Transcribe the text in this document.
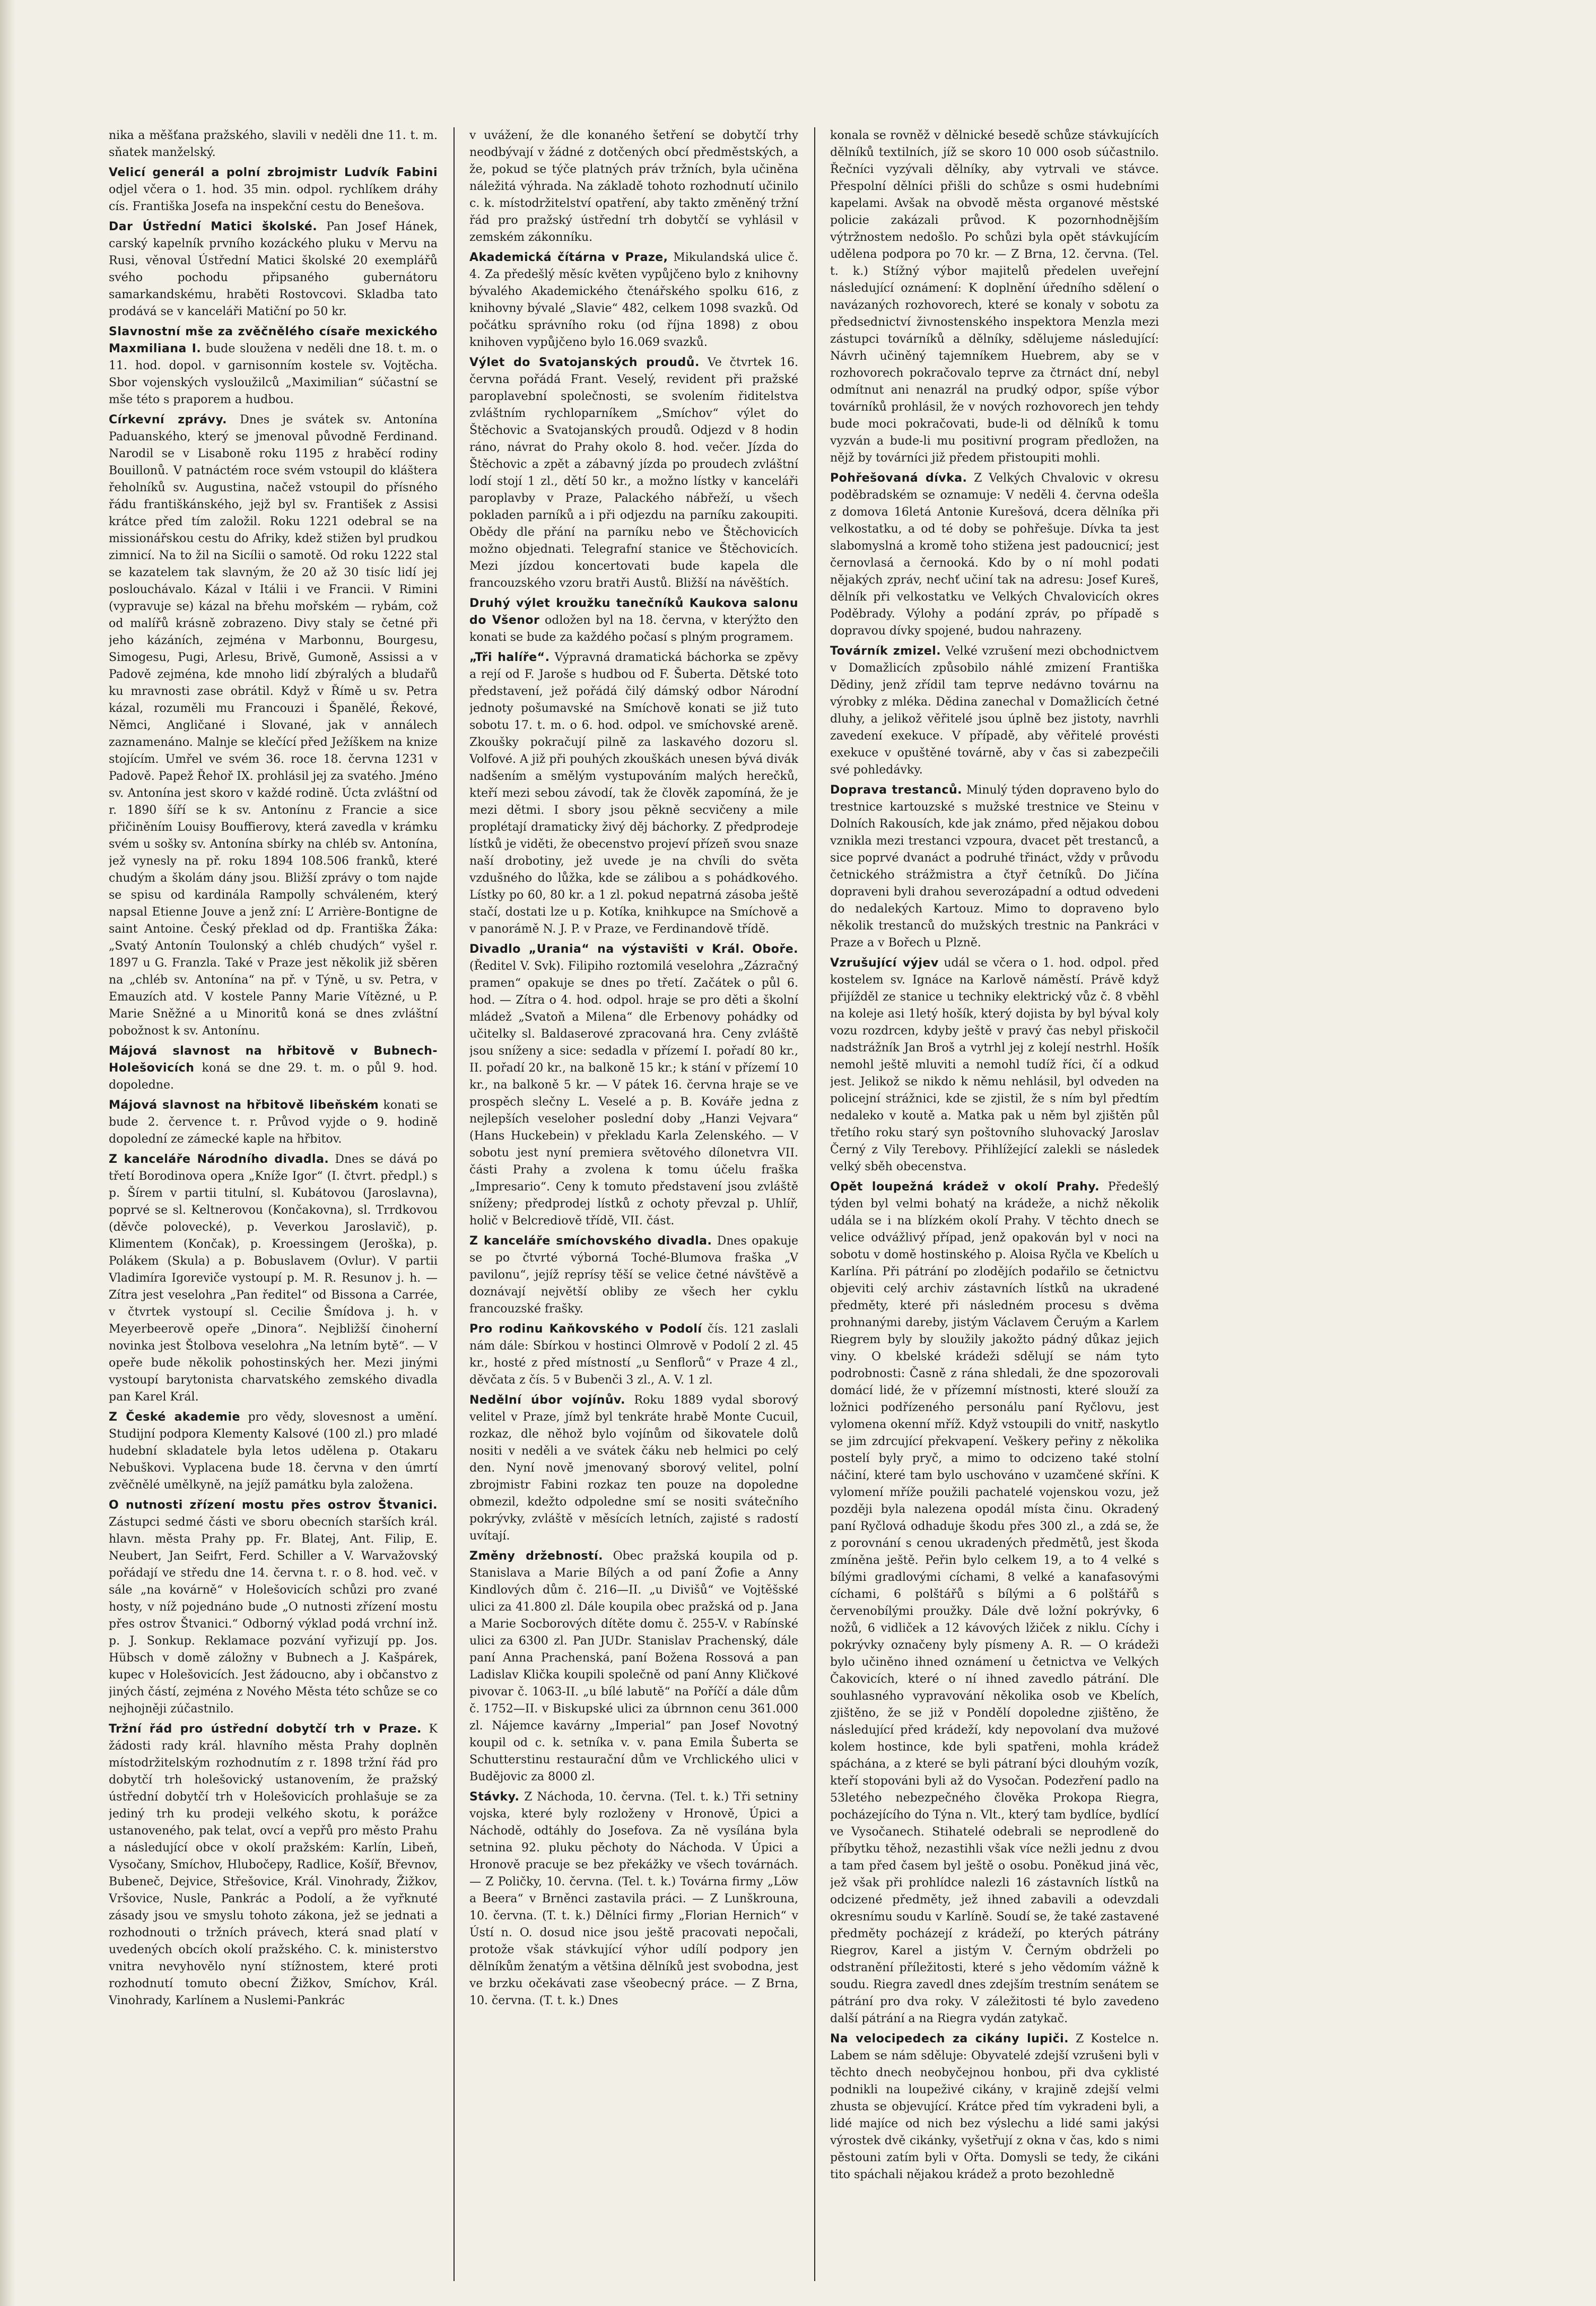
nika a měšťana pražského, slavili v neděli dne 11. t. m. sňatek manželský.

Velicí generál a polní zbrojmistr Ludvík Fabini odjel včera o 1. hod. 35 min. odpol. rychlíkem dráhy cís. Františka Josefa na inspekční cestu do Benešova.

Dar Ústřední Matici školské. Pan Josef Hánek, carský kapelník prvního kozáckého pluku v Mervu na Rusi, věnoval Ústřední Matici školské 20 exemplářů svého pochodu připsaného gubernátoru samarkandskému, hraběti Rostovcovi. Skladba tato prodává se v kanceláři Matiční po 50 kr.

Slavnostní mše za zvěčnělého císaře mexického Maxmiliana I. bude sloužena v neděli dne 18. t. m. o 11. hod. dopol. v garnisonním kostele sv. Vojtěcha. Sbor vojenských vysloužilců „Maximilian“ súčastní se mše této s praporem a hudbou.

Církevní zprávy. Dnes je svátek sv. Antonína Paduanského, který se jmenoval původně Ferdinand. Narodil se v Lisaboně roku 1195 z hraběcí rodiny Bouillonů. V patnáctém roce svém vstoupil do kláštera řeholníků sv. Augustina, načež vstoupil do přísného řádu františkánského, jejž byl sv. František z Assisi krátce před tím založil. Roku 1221 odebral se na missionářskou cestu do Afriky, kdež stižen byl prudkou zimnicí. Na to žil na Sicílii o samotě. Od roku 1222 stal se kazatelem tak slavným, že 20 až 30 tisíc lidí jej poslouchávalo. Kázal v Itálii i ve Francii. V Rimini (vypravuje se) kázal na břehu mořském — rybám, což od malířů krásně zobrazeno. Divy staly se četné při jeho kázáních, zejména v Marbonnu, Bourgesu, Simogesu, Pugi, Arlesu, Brivě, Gumoně, Assissi a v Padově zejména, kde mnoho lidí zbýralých a bludařů ku mravnosti zase obrátil. Když v Římě u sv. Petra kázal, rozuměli mu Francouzi i Španělé, Řekové, Němci, Angličané i Slované, jak v annálech zaznamenáno. Malnje se klečící před Ježíškem na knize stojícím. Umřel ve svém 36. roce 18. června 1231 v Padově. Papež Řehoř IX. prohlásil jej za svatého. Jméno sv. Antonína jest skoro v každé rodině. Úcta zvláštní od r. 1890 šíří se k sv. Antonínu z Francie a sice přičiněním Louisy Bouffierovy, která zavedla v krámku svém u sošky sv. Antonína sbírky na chléb sv. Antonína, jež vynesly na př. roku 1894 108.506 franků, které chudým a školám dány jsou. Bližší zprávy o tom najde se spisu od kardinála Rampolly schváleném, který napsal Etienne Jouve a jenž zní: L’ Arrière-Bontigne de saint Antoine. Český překlad od dp. Františka Žáka: „Svatý Antonín Toulonský a chléb chudých“ vyšel r. 1897 u G. Franzla. Také v Praze jest několik již sběren na „chléb sv. Antonína“ na př. v Týně, u sv. Petra, v Emauzích atd. V kostele Panny Marie Vítězné, u P. Marie Sněžné a u Minoritů koná se dnes zvláštní pobožnost k sv. Antonínu.

Májová slavnost na hřbitově v Bubnech-Holešovicích koná se dne 29. t. m. o půl 9. hod. dopoledne.

Májová slavnost na hřbitově libeňském konati se bude 2. července t. r. Průvod vyjde o 9. hodině dopolední ze zámecké kaple na hřbitov.

Z kanceláře Národního divadla. Dnes se dává po třetí Borodinova opera „Kníže Igor“ (I. čtvrt. předpl.) s p. Šírem v partii titulní, sl. Kubátovou (Jaroslavna), poprvé se sl. Keltnerovou (Končakovna), sl. Trrdkovou (děvče polovecké), p. Veverkou Jaroslavič), p. Klimentem (Končak), p. Kroessingem (Jeroška), p. Polákem (Skula) a p. Bobuslavem (Ovlur). V partii Vladimíra Igoreviče vystoupí p. M. R. Resunov j. h. — Zítra jest veselohra „Pan ředitel“ od Bissona a Carrée, v čtvrtek vystoupí sl. Cecilie Šmídova j. h. v Meyerbeerově opeře „Dinora“. Nejbližší činoherní novinka jest Štolbova veselohra „Na letním bytě“. — V opeře bude několik pohostinských her. Mezi jinými vystoupí barytonista charvatského zemského divadla pan Karel Král.

Z České akademie pro vědy, slovesnost a umění. Studijní podpora Klementy Kalsové (100 zl.) pro mladé hudební skladatele byla letos udělena p. Otakaru Nebuškovi. Vyplacena bude 18. června v den úmrtí zvěčnělé umělkyně, na jejíž památku byla založena.

O nutnosti zřízení mostu přes ostrov Štvanici. Zástupci sedmé části ve sboru obecních starších král. hlavn. města Prahy pp. Fr. Blatej, Ant. Filip, E. Neubert, Jan Seifrt, Ferd. Schiller a V. Warvažovský pořádají ve středu dne 14. června t. r. o 8. hod. več. v sále „na kovárně“ v Holešovicích schůzi pro zvané hosty, v níž pojednáno bude „O nutnosti zřízení mostu přes ostrov Štvanici.“ Odborný výklad podá vrchní inž. p. J. Sonkup. Reklamace pozvání vyřizují pp. Jos. Hübsch v domě záložny v Bubnech a J. Kašpárek, kupec v Holešovicích. Jest žádoucno, aby i občanstvo z jiných částí, zejména z Nového Města této schůze se co nejhojněji zúčastnilo.

Tržní řád pro ústřední dobytčí trh v Praze. K žádosti rady král. hlavního města Prahy doplněn místodržitelským rozhodnutím z r. 1898 tržní řád pro dobytčí trh holešovický ustanovením, že pražský ústřední dobytčí trh v Holešovicích prohlašuje se za jediný trh ku prodeji velkého skotu, k porážce ustanoveného, pak telat, ovcí a vepřů pro město Prahu a následující obce v okolí pražském: Karlín, Libeň, Vysočany, Smíchov, Hlubočepy, Radlice, Košíř, Břevnov, Bubeneč, Dejvice, Střešovice, Král. Vinohrady, Žižkov, Vršovice, Nusle, Pankrác a Podolí, a že vyřknuté zásady jsou ve smyslu tohoto zákona, jež se jednati a rozhodnouti o tržních právech, která snad platí v uvedených obcích okolí pražského. C. k. ministerstvo vnitra nevyhovělo nyní stížnostem, které proti rozhodnutí tomuto obecní Žižkov, Smíchov, Král. Vinohrady, Karlínem a Nuslemi-Pankrác

v uvážení, že dle konaného šetření se dobytčí trhy neodbývají v žádné z dotčených obcí předměstských, a že, pokud se týče platných práv tržních, byla učiněna náležitá výhrada. Na základě tohoto rozhodnutí učinilo c. k. místodržitelství opatření, aby takto změněný tržní řád pro pražský ústřední trh dobytčí se vyhlásil v zemském zákonníku.

Akademická čítárna v Praze, Mikulandská ulice č. 4. Za předešlý měsíc květen vypůjčeno bylo z knihovny bývalého Akademického čtenářského spolku 616, z knihovny bývalé „Slavie“ 482, celkem 1098 svazků. Od počátku správního roku (od října 1898) z obou knihoven vypůjčeno bylo 16.069 svazků.

Výlet do Svatojanských proudů. Ve čtvrtek 16. června pořádá Frant. Veselý, revident při pražské paroplavební společnosti, se svolením řiditelstva zvláštním rychloparníkem „Smíchov“ výlet do Štěchovic a Svatojanských proudů. Odjezd v 8 hodin ráno, návrat do Prahy okolo 8. hod. večer. Jízda do Štěchovic a zpět a zábavný jízda po proudech zvláštní lodí stojí 1 zl., dětí 50 kr., a možno lístky v kanceláři paroplavby v Praze, Palackého nábřeží, u všech pokladen parníků a i při odjezdu na parníku zakoupiti. Obědy dle přání na parníku nebo ve Štěchovicích možno objednati. Telegrafní stanice ve Štěchovicích. Mezi jízdou koncertovati bude kapela dle francouzského vzoru bratři Austů. Bližší na návěštích.

Druhý výlet kroužku tanečníků Kaukova salonu do Všenor odložen byl na 18. června, v kterýžto den konati se bude za každého počasí s plným programem.

„Tři halíře“. Výpravná dramatická báchorka se zpěvy a rejí od F. Jaroše s hudbou od F. Šuberta. Dětské toto představení, jež pořádá čilý dámský odbor Národní jednoty pošumavské na Smíchově konati se již tuto sobotu 17. t. m. o 6. hod. odpol. ve smíchovské areně. Zkoušky pokračují pilně za laskavého dozoru sl. Volfové. A již při pouhých zkouškách unesen bývá divák nadšením a smělým vystupováním malých herečků, kteří mezi sebou závodí, tak že člověk zapomíná, že je mezi dětmi. I sbory jsou pěkně secvičeny a mile proplétají dramaticky živý děj báchorky. Z předprodeje lístků je viděti, že obecenstvo projeví přízeň svou snaze naší drobotiny, jež uvede je na chvíli do světa vzdušného do lůžka, kde se zálibou a s pohádkového. Lístky po 60, 80 kr. a 1 zl. pokud nepatrná zásoba ještě stačí, dostati lze u p. Kotíka, knihkupce na Smíchově a v panorámě N. J. P. v Praze, ve Ferdinandově třídě.

Divadlo „Urania“ na výstavišti v Král. Oboře. (Ředitel V. Svk). Filipiho roztomilá veselohra „Zázračný pramen“ opakuje se dnes po třetí. Začátek o půl 6. hod. — Zítra o 4. hod. odpol. hraje se pro děti a školní mládež „Svatoň a Milena“ dle Erbenovy pohádky od učitelky sl. Baldaserové zpracovaná hra. Ceny zvláště jsou sníženy a sice: sedadla v přízemí I. pořadí 80 kr., II. pořadí 20 kr., na balkoně 15 kr.; k stání v přízemí 10 kr., na balkoně 5 kr. — V pátek 16. června hraje se ve prospěch slečny L. Veselé a p. B. Kováře jedna z nejlepších veseloher poslední doby „Hanzi Vejvara“ (Hans Huckebein) v překladu Karla Zelenského. — V sobotu jest nyní premiera světového dílonetvra VII. části Prahy a zvolena k tomu účelu fraška „Impresario“. Ceny k tomuto představení jsou zvláště sníženy; předprodej lístků z ochoty převzal p. Uhlíř, holič v Belcrediově třídě, VII. část.

Z kanceláře smíchovského divadla. Dnes opakuje se po čtvrté výborná Toché-Blumova fraška „V pavilonu“, jejíž reprísy těší se velice četné návštěvě a doznávají největší obliby ze všech her cyklu francouzské frašky.

Pro rodinu Kaňkovského v Podolí čís. 121 zaslali nám dále: Sbírkou v hostinci Olmrově v Podolí 2 zl. 45 kr., hosté z před místností „u Senflorů“ v Praze 4 zl., děvčata z čís. 5 v Bubenči 3 zl., A. V. 1 zl.

Nedělní úbor vojínův. Roku 1889 vydal sborový velitel v Praze, jímž byl tenkráte hrabě Monte Cucuil, rozkaz, dle něhož bylo vojínům od šikovatele dolů nositi v neděli a ve svátek čáku neb helmici po celý den. Nyní nově jmenovaný sborový velitel, polní zbrojmistr Fabini rozkaz ten pouze na dopoledne obmezil, kdežto odpoledne smí se nositi svátečního pokrývky, zvláště v měsících letních, zajisté s radostí uvítají.

Změny držebností. Obec pražská koupila od p. Stanislava a Marie Bílých a od paní Žofie a Anny Kindlových dům č. 216—II. „u Divišů“ ve Vojtěšské ulici za 41.800 zl. Dále koupila obec pražská od p. Jana a Marie Socborových dítěte domu č. 255-V. v Rabínské ulici za 6300 zl. Pan JUDr. Stanislav Prachenský, dále paní Anna Prachenská, paní Božena Rossová a pan Ladislav Klička koupili společně od paní Anny Kličkové pivovar č. 1063-II. „u bílé labutě“ na Poříčí a dále dům č. 1752—II. v Biskupské ulici za úbrnnon cenu 361.000 zl. Nájemce kavárny „Imperial“ pan Josef Novotný koupil od c. k. setníka v. v. pana Emila Šuberta se Schutterstinu restaurační dům ve Vrchlického ulici v Budějovic za 8000 zl.

Stávky. Z Náchoda, 10. června. (Tel. t. k.) Tři setniny vojska, které byly rozloženy v Hronově, Úpici a Náchodě, odtáhly do Josefova. Za ně vysílána byla setnina 92. pluku pěchoty do Náchoda. V Úpici a Hronově pracuje se bez překážky ve všech továrnách. — Z Poličky, 10. června. (Tel. t. k.) Továrna firmy „Löw a Beera“ v Brněnci zastavila práci. — Z Lunškrouna, 10. června. (T. t. k.) Dělníci firmy „Florian Hernich“ v Ústí n. O. dosud nice jsou ještě pracovati nepočali, protože však stávkující výhor udílí podpory jen dělníkům ženatým a většina dělníků jest svobodna, jest ve brzku očekávati zase všeobecný práce. — Z Brna, 10. června. (T. t. k.) Dnes

konala se rovněž v dělnické besedě schůze stávkujících dělníků textilních, jíž se skoro 10 000 osob súčastnilo. Řečníci vyzývali dělníky, aby vytrvali ve stávce. Přespolní dělníci přišli do schůze s osmi hudebními kapelami. Avšak na obvodě města organové městské policie zakázali průvod. K pozornhodnějším výtržnostem nedošlo. Po schůzi byla opět stávkujícím udělena podpora po 70 kr. — Z Brna, 12. června. (Tel. t. k.) Stížný výbor majitelů předelen uveřejní následující oznámení: K doplnění úředního sdělení o navázaných rozhovorech, které se konaly v sobotu za předsednictví živnostenského inspektora Menzla mezi zástupci továrníků a dělníky, sdělujeme následující: Návrh učiněný tajemníkem Huebrem, aby se v rozhovorech pokračovalo teprve za čtrnáct dní, nebyl odmítnut ani nenazrál na prudký odpor, spíše výbor továrníků prohlásil, že v nových rozhovorech jen tehdy bude moci pokračovati, bude-li od dělníků k tomu vyzván a bude-li mu positivní program předložen, na nějž by továrníci již předem přistoupiti mohli.

Pohřešovaná dívka. Z Velkých Chvalovic v okresu poděbradském se oznamuje: V neděli 4. června odešla z domova 16letá Antonie Kurešová, dcera dělníka při velkostatku, a od té doby se pohřešuje. Dívka ta jest slabomyslná a kromě toho stižena jest padoucnicí; jest černovlasá a černooká. Kdo by o ní mohl podati nějakých zpráv, nechť učiní tak na adresu: Josef Kureš, dělník při velkostatku ve Velkých Chvalovicích okres Poděbrady. Výlohy a podání zpráv, po případě s dopravou dívky spojené, budou nahrazeny.

Továrník zmizel. Velké vzrušení mezi obchodnictvem v Domažlicích způsobilo náhlé zmizení Františka Dědiny, jenž zřídil tam teprve nedávno továrnu na výrobky z mléka. Dědina zanechal v Domažlicích četné dluhy, a jelikož věřitelé jsou úplně bez jistoty, navrhli zavedení exekuce. V případě, aby věřitelé provésti exekuce v opuštěné továrně, aby v čas si zabezpečili své pohledávky.

Doprava trestanců. Minulý týden dopraveno bylo do trestnice kartouzské s mužské trestnice ve Steinu v Dolních Rakousích, kde jak známo, před nějakou dobou vznikla mezi trestanci vzpoura, dvacet pět trestanců, a sice poprvé dvanáct a podruhé třináct, vždy v průvodu četnického strážmistra a čtyř četníků. Do Jičína dopraveni byli drahou severozápadní a odtud odvedeni do nedalekých Kartouz. Mimo to dopraveno bylo několik trestanců do mužských trestnic na Pankráci v Praze a v Bořech u Plzně.

Vzrušující výjev udál se včera o 1. hod. odpol. před kostelem sv. Ignáce na Karlově náměstí. Právě když přijížděl ze stanice u techniky elektrický vůz č. 8 vběhl na koleje asi 1letý hošík, který dojista by byl býval koly vozu rozdrcen, kdyby ještě v pravý čas nebyl přiskočil nadstrážník Jan Broš a vytrhl jej z kolejí nestrhl. Hošík nemohl ještě mluviti a nemohl tudíž říci, čí a odkud jest. Jelikož se nikdo k němu nehlásil, byl odveden na policejní strážnici, kde se zjistil, že s ním byl předtím nedaleko v koutě a. Matka pak u něm byl zjištěn půl třetího roku starý syn poštovního sluhovacký Jaroslav Černý z Vily Terebovy. Přihlížející zalekli se následek velký sběh obecenstva.

Opět loupežná krádež v okolí Prahy. Předešlý týden byl velmi bohatý na krádeže, a nichž několik udála se i na blízkém okolí Prahy. V těchto dnech se velice odvážlivý případ, jenž opakován byl v noci na sobotu v domě hostinského p. Aloisa Ryčla ve Kbelích u Karlína. Při pátrání po zlodějích podařilo se četnictvu objeviti celý archiv zástavních lístků na ukradené předměty, které při následném procesu s dvěma prohnanými dareby, jistým Václavem Čeruým a Karlem Riegrem byly by sloužily jakožto pádný důkaz jejich viny. O kbelské krádeži sdělují se nám tyto podrobnosti: Časně z rána shledali, že dne spozorovali domácí lidé, že v přízemní místnosti, které slouží za ložnici podřízeného personálu paní Ryčlovu, jest vylomena okenní mříž. Když vstoupili do vnitř, naskytlo se jim zdrcující překvapení. Veškery peřiny z několika postelí byly pryč, a mimo to odcizeno také stolní náčiní, které tam bylo uschováno v uzamčené skříni. K vylomení mříže použili pachatelé vojenskou vozu, jež později byla nalezena opodál místa činu. Okradený paní Ryčlová odhaduje škodu přes 300 zl., a zdá se, že z porovnání s cenou ukradených předmětů, jest škoda zmíněna ještě. Peřin bylo celkem 19, a to 4 velké s bílými gradlovými cíchami, 8 velké a kanafasovými cíchami, 6 polštářů s bílými a 6 polštářů s červenobílými proužky. Dále dvě ložní pokrývky, 6 nožů, 6 vidliček a 12 kávových lžiček z niklu. Cíchy i pokrývky označeny byly písmeny A. R. — O krádeži bylo učiněno ihned oznámení u četnictva ve Velkých Čakovicích, které o ní ihned zavedlo pátrání. Dle souhlasného vypravování několika osob ve Kbelích, zjištěno, že se již v Pondělí dopoledne zjištěno, že následující před krádeží, kdy nepovolaní dva mužové kolem hostince, kde byli spatřeni, mohla krádež spáchána, a z které se byli pátraní býci dlouhým vozík, kteří stopováni byli až do Vysočan. Podezření padlo na 53letého nebezpečného člověka Prokopa Riegra, pocházejícího do Týna n. Vlt., který tam bydlíce, bydlící ve Vysočanech. Stihatelé odebrali se neprodleně do příbytku těhož, nezastihli však více nežli jednu z dvou a tam před časem byl ještě o osobu. Poněkud jiná věc, jež však při prohlídce nalezli 16 zástavních lístků na odcizené předměty, jež ihned zabavili a odevzdali okresnímu soudu v Karlíně. Soudí se, že také zastavené předměty pocházejí z krádeží, po kterých pátrány Riegrov, Karel a jistým V. Černým obdrželi po odstranění příležitosti, které s jeho vědomím vážně k soudu. Riegra zavedl dnes zdejším trestním senátem se pátrání pro dva roky. V záležitosti té bylo zavedeno další pátrání a na Riegra vydán zatykač.

Na velocipedech za cikány lupiči. Z Kostelce n. Labem se nám sděluje: Obyvatelé zdejší vzrušeni byli v těchto dnech neobyčejnou honbou, při dva cyklisté podnikli na loupeživé cikány, v krajině zdejší velmi zhusta se objevující. Krátce před tím vykradeni byli, a lidé majíce od nich bez výslechu a lidé sami jakýsi výrostek dvě cikánky, vyšetřují z okna v čas, kdo s nimi pěstouni zatím byli v Ořta. Domysli se tedy, že cikáni tito spáchali nějakou krádež a proto bezohledně
